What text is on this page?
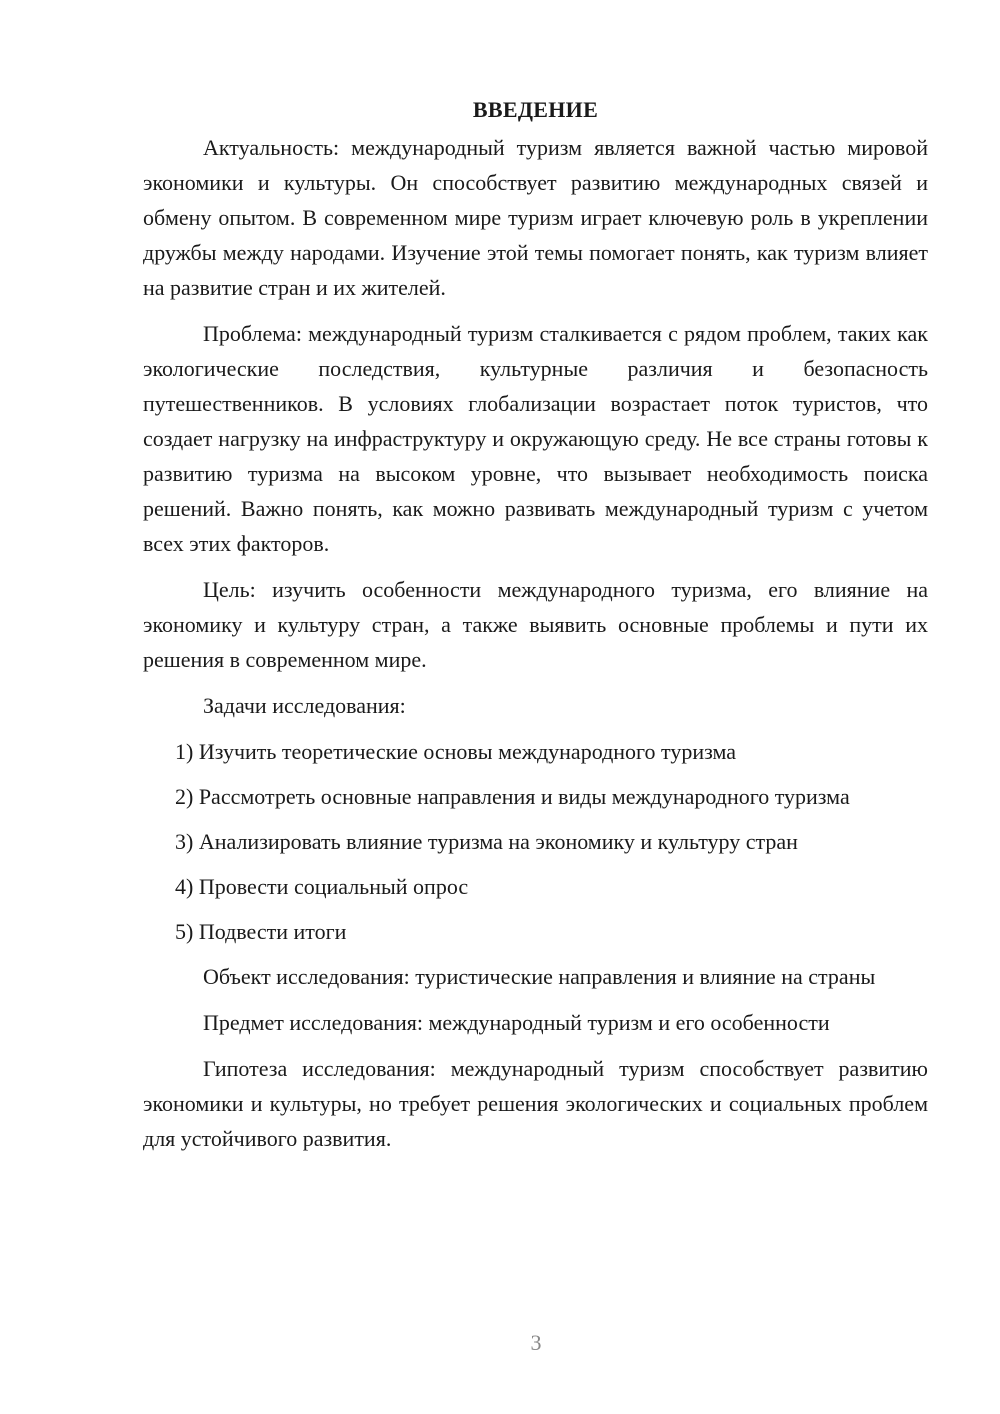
ВВЕДЕНИЕ

Актуальность: международный туризм является важной частью мировой экономики и культуры. Он способствует развитию международных связей и обмену опытом. В современном мире туризм играет ключевую роль в укреплении дружбы между народами. Изучение этой темы помогает понять, как туризм влияет на развитие стран и их жителей.

Проблема: международный туризм сталкивается с рядом проблем, таких как экологические последствия, культурные различия и безопасность путешественников. В условиях глобализации возрастает поток туристов, что создает нагрузку на инфраструктуру и окружающую среду. Не все страны готовы к развитию туризма на высоком уровне, что вызывает необходимость поиска решений. Важно понять, как можно развивать международный туризм с учетом всех этих факторов.

Цель: изучить особенности международного туризма, его влияние на экономику и культуру стран, а также выявить основные проблемы и пути их решения в современном мире.

Задачи исследования:

1) Изучить теоретические основы международного туризма

2) Рассмотреть основные направления и виды международного туризма

3) Анализировать влияние туризма на экономику и культуру стран

4) Провести социальный опрос

5) Подвести итоги

Объект исследования: туристические направления и влияние на страны

Предмет исследования: международный туризм и его особенности

Гипотеза исследования: международный туризм способствует развитию экономики и культуры, но требует решения экологических и социальных проблем для устойчивого развития.

3
